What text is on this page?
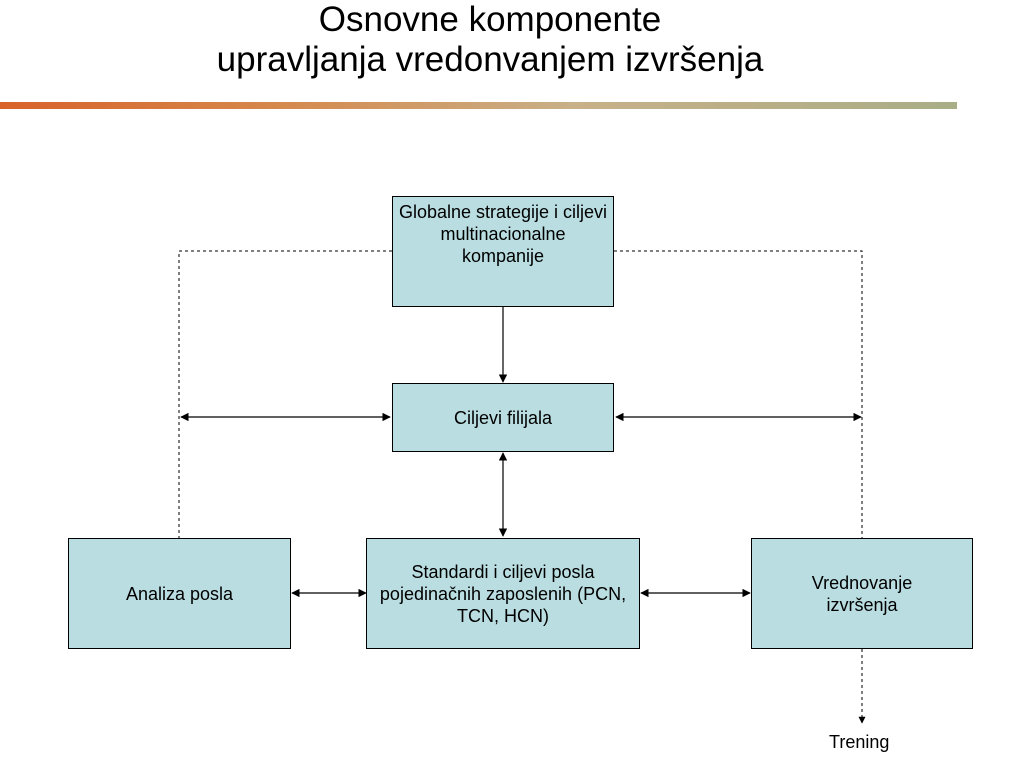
Osnovne komponente
upravljanja vredonvanjem izvršenja
Globalne strategije i ciljevi multinacionalne kompanije
Ciljevi filijala
Analiza posla
Standardi i ciljevi posla pojedinačnih zaposlenih (PCN, TCN, HCN)
Vrednovanje izvršenja
Trening
